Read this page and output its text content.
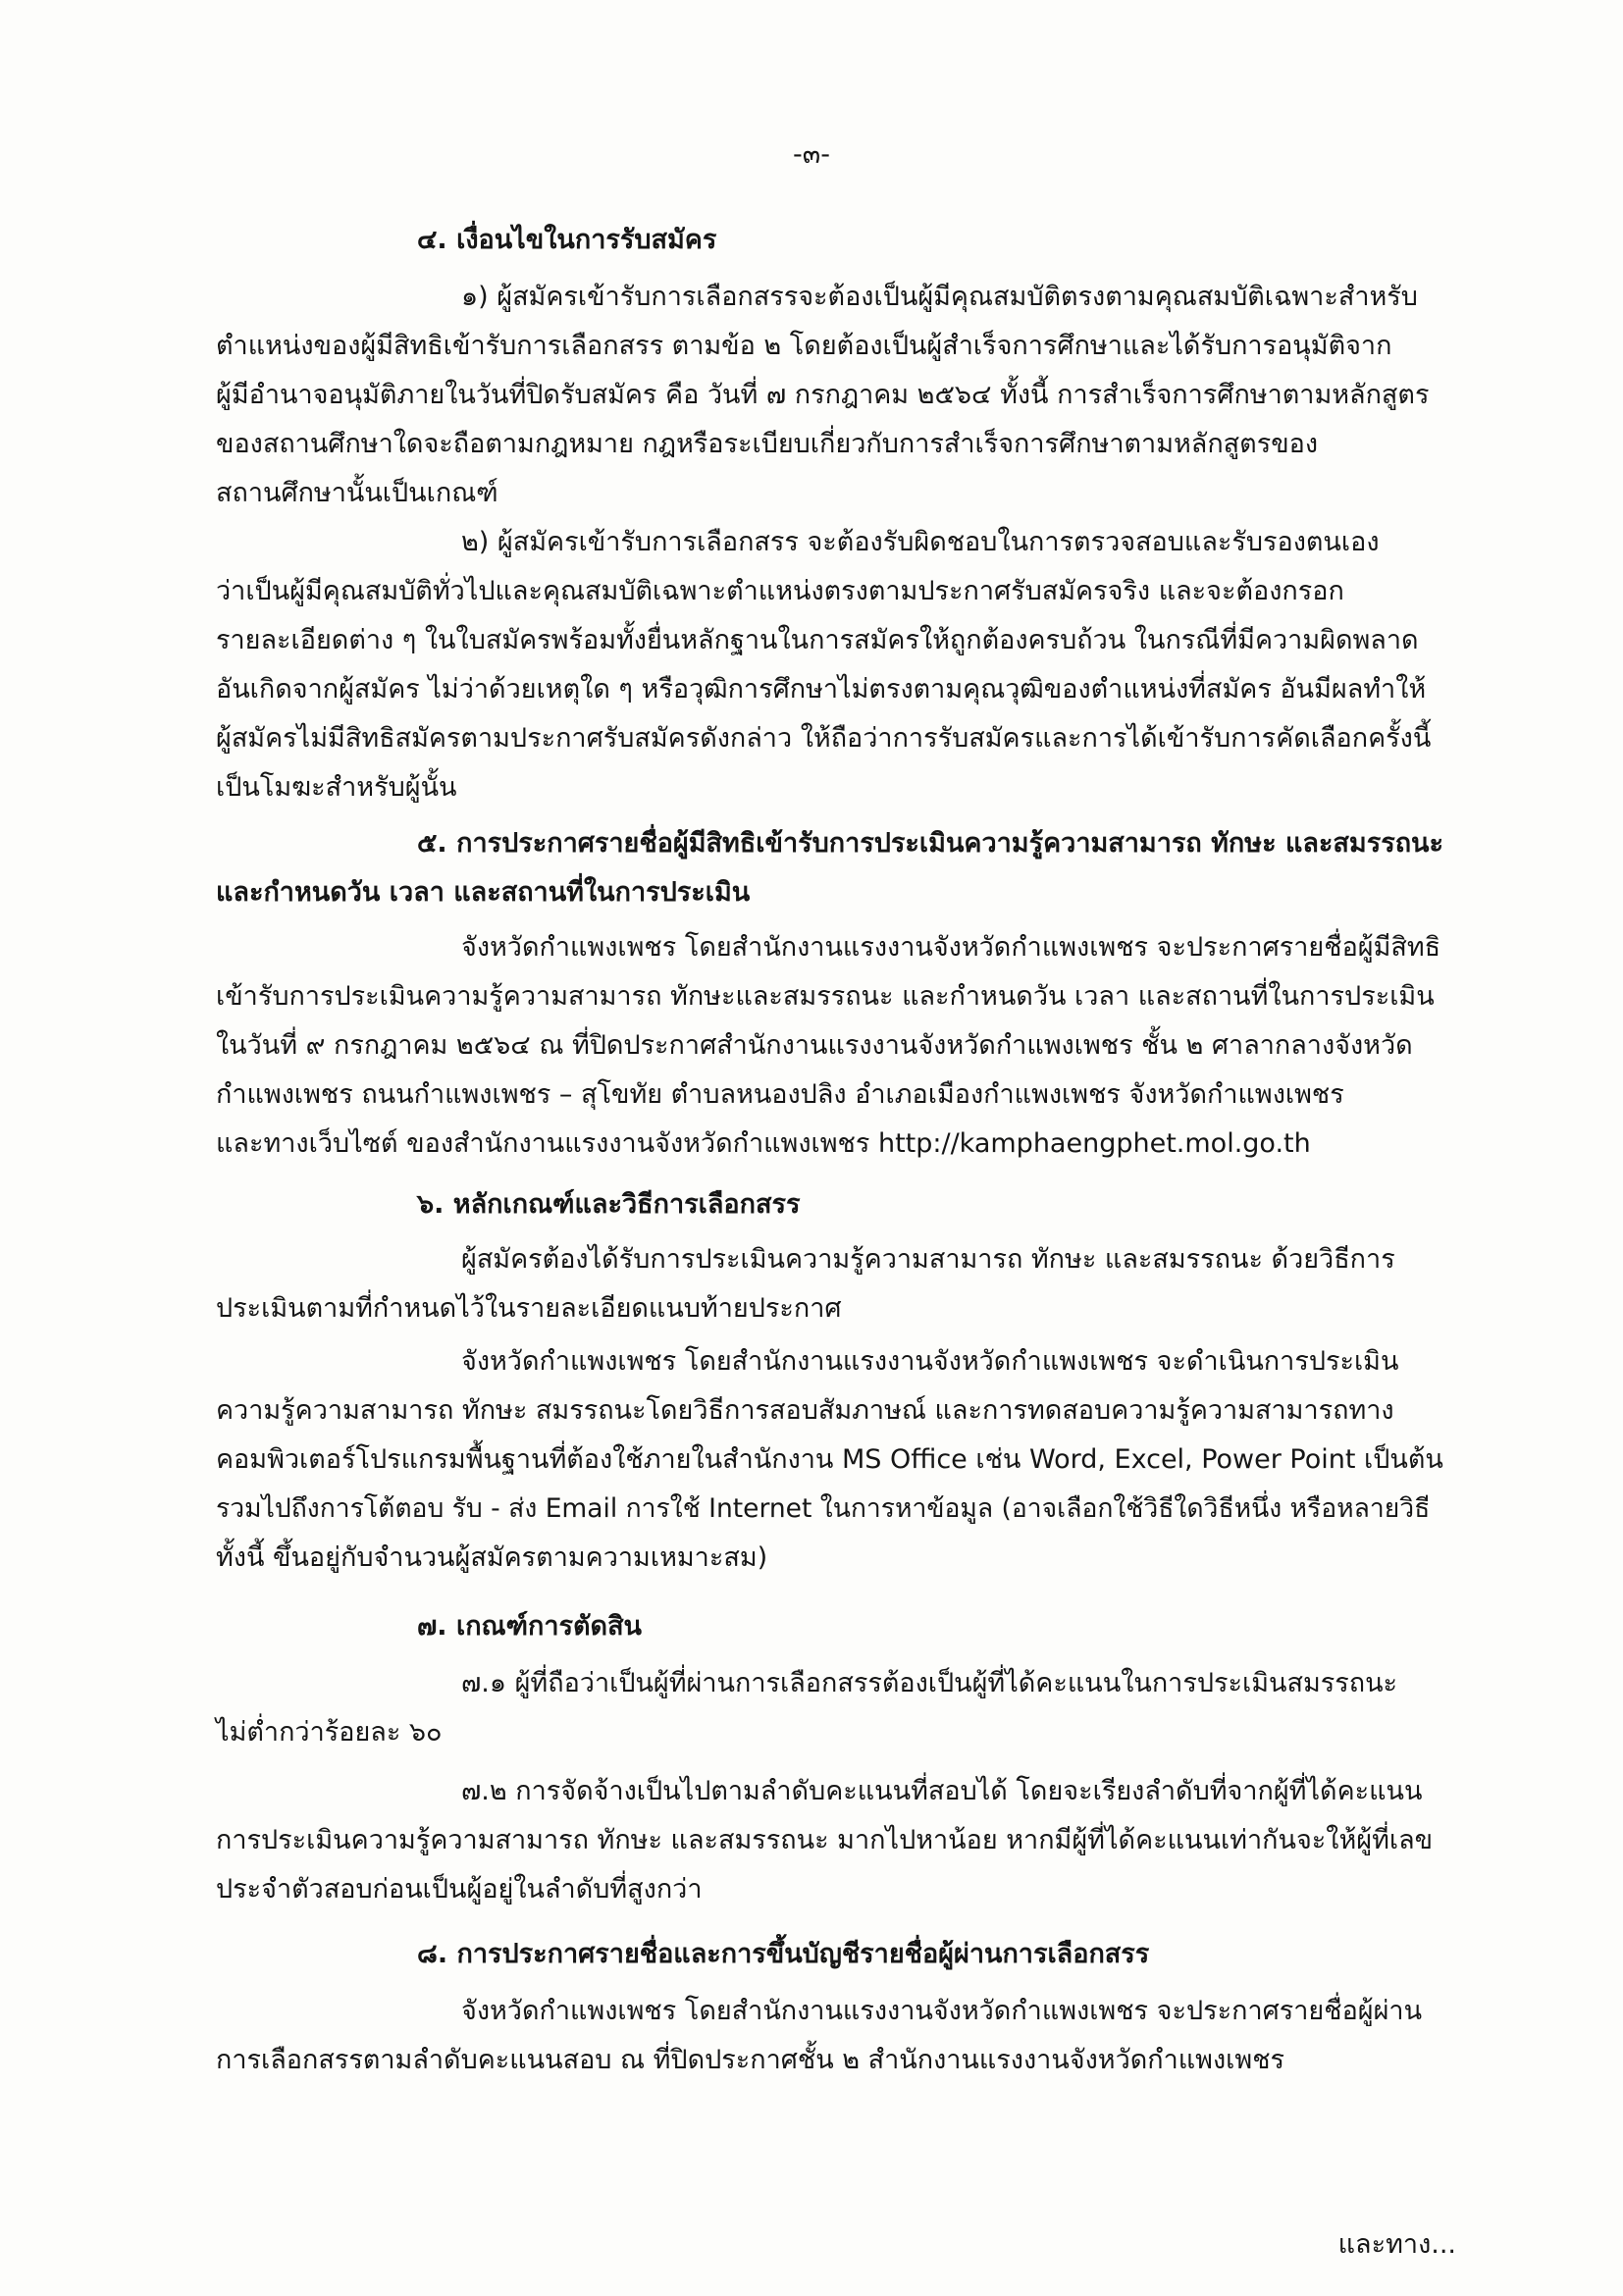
-๓-
๔. เงื่อนไขในการรับสมัคร
๑) ผู้สมัครเข้ารับการเลือกสรรจะต้องเป็นผู้มีคุณสมบัติตรงตามคุณสมบัติเฉพาะสำหรับ
ตำแหน่งของผู้มีสิทธิเข้ารับการเลือกสรร ตามข้อ ๒ โดยต้องเป็นผู้สำเร็จการศึกษาและได้รับการอนุมัติจาก
ผู้มีอำนาจอนุมัติภายในวันที่ปิดรับสมัคร คือ วันที่ ๗ กรกฎาคม ๒๕๖๔ ทั้งนี้ การสำเร็จการศึกษาตามหลักสูตร
ของสถานศึกษาใดจะถือตามกฎหมาย กฎหรือระเบียบเกี่ยวกับการสำเร็จการศึกษาตามหลักสูตรของ
สถานศึกษานั้นเป็นเกณฑ์
๒) ผู้สมัครเข้ารับการเลือกสรร จะต้องรับผิดชอบในการตรวจสอบและรับรองตนเอง
ว่าเป็นผู้มีคุณสมบัติทั่วไปและคุณสมบัติเฉพาะตำแหน่งตรงตามประกาศรับสมัครจริง และจะต้องกรอก
รายละเอียดต่าง ๆ ในใบสมัครพร้อมทั้งยื่นหลักฐานในการสมัครให้ถูกต้องครบถ้วน ในกรณีที่มีความผิดพลาด
อันเกิดจากผู้สมัคร ไม่ว่าด้วยเหตุใด ๆ หรือวุฒิการศึกษาไม่ตรงตามคุณวุฒิของตำแหน่งที่สมัคร อันมีผลทำให้
ผู้สมัครไม่มีสิทธิสมัครตามประกาศรับสมัครดังกล่าว ให้ถือว่าการรับสมัครและการได้เข้ารับการคัดเลือกครั้งนี้
เป็นโมฆะสำหรับผู้นั้น
๕. การประกาศรายชื่อผู้มีสิทธิเข้ารับการประเมินความรู้ความสามารถ ทักษะ และสมรรถนะ
และกำหนดวัน เวลา และสถานที่ในการประเมิน
จังหวัดกำแพงเพชร โดยสำนักงานแรงงานจังหวัดกำแพงเพชร จะประกาศรายชื่อผู้มีสิทธิ
เข้ารับการประเมินความรู้ความสามารถ ทักษะและสมรรถนะ และกำหนดวัน เวลา และสถานที่ในการประเมิน
ในวันที่ ๙ กรกฎาคม ๒๕๖๔ ณ ที่ปิดประกาศสำนักงานแรงงานจังหวัดกำแพงเพชร ชั้น ๒ ศาลากลางจังหวัด
กำแพงเพชร ถนนกำแพงเพชร – สุโขทัย ตำบลหนองปลิง อำเภอเมืองกำแพงเพชร จังหวัดกำแพงเพชร
และทางเว็บไซต์ ของสำนักงานแรงงานจังหวัดกำแพงเพชร http://kamphaengphet.mol.go.th
๖. หลักเกณฑ์และวิธีการเลือกสรร
ผู้สมัครต้องได้รับการประเมินความรู้ความสามารถ ทักษะ และสมรรถนะ ด้วยวิธีการ
ประเมินตามที่กำหนดไว้ในรายละเอียดแนบท้ายประกาศ
จังหวัดกำแพงเพชร โดยสำนักงานแรงงานจังหวัดกำแพงเพชร จะดำเนินการประเมิน
ความรู้ความสามารถ ทักษะ สมรรถนะโดยวิธีการสอบสัมภาษณ์ และการทดสอบความรู้ความสามารถทาง
คอมพิวเตอร์โปรแกรมพื้นฐานที่ต้องใช้ภายในสำนักงาน MS Office เช่น Word, Excel, Power Point เป็นต้น
รวมไปถึงการโต้ตอบ รับ - ส่ง Email การใช้ Internet ในการหาข้อมูล (อาจเลือกใช้วิธีใดวิธีหนึ่ง หรือหลายวิธี
ทั้งนี้ ขึ้นอยู่กับจำนวนผู้สมัครตามความเหมาะสม)
๗. เกณฑ์การตัดสิน
๗.๑ ผู้ที่ถือว่าเป็นผู้ที่ผ่านการเลือกสรรต้องเป็นผู้ที่ได้คะแนนในการประเมินสมรรถนะ
ไม่ต่ำกว่าร้อยละ ๖๐
๗.๒ การจัดจ้างเป็นไปตามลำดับคะแนนที่สอบได้ โดยจะเรียงลำดับที่จากผู้ที่ได้คะแนน
การประเมินความรู้ความสามารถ ทักษะ และสมรรถนะ มากไปหาน้อย หากมีผู้ที่ได้คะแนนเท่ากันจะให้ผู้ที่เลข
ประจำตัวสอบก่อนเป็นผู้อยู่ในลำดับที่สูงกว่า
๘. การประกาศรายชื่อและการขึ้นบัญชีรายชื่อผู้ผ่านการเลือกสรร
จังหวัดกำแพงเพชร โดยสำนักงานแรงงานจังหวัดกำแพงเพชร จะประกาศรายชื่อผู้ผ่าน
การเลือกสรรตามลำดับคะแนนสอบ ณ ที่ปิดประกาศชั้น ๒ สำนักงานแรงงานจังหวัดกำแพงเพชร
และทาง...
